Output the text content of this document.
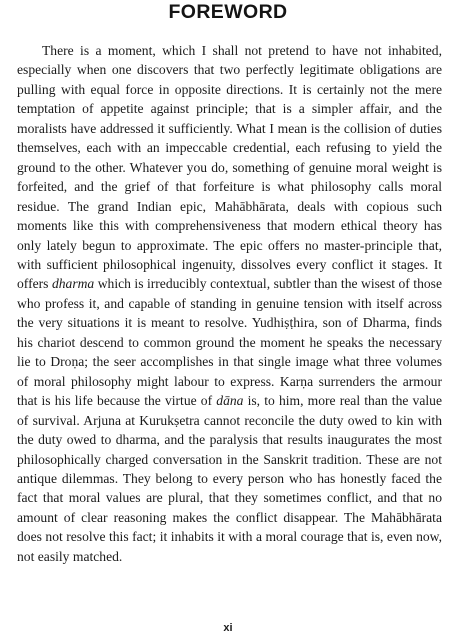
FOREWORD

There is a moment, which I shall not pretend to have not inhabited, especially when one discovers that two perfectly legitimate obligations are pulling with equal force in opposite directions. It is certainly not the mere temptation of appetite against principle; that is a simpler affair, and the moralists have addressed it sufficiently. What I mean is the collision of duties themselves, each with an impeccable credential, each refusing to yield the ground to the other. Whatever you do, something of genuine moral weight is forfeited, and the grief of that forfeiture is what philosophy calls moral residue. The grand Indian epic, Mahābhārata, deals with copious such moments like this with comprehensiveness that modern ethical theory has only lately begun to approximate. The epic offers no master-principle that, with sufficient philosophical ingenuity, dissolves every conflict it stages. It offers dharma which is irreducibly contextual, subtler than the wisest of those who profess it, and capable of standing in genuine tension with itself across the very situations it is meant to resolve. Yudhiṣṭhira, son of Dharma, finds his chariot descend to common ground the moment he speaks the necessary lie to Droṇa; the seer accomplishes in that single image what three volumes of moral philosophy might labour to express. Karṇa surrenders the armour that is his life because the virtue of dāna is, to him, more real than the value of survival. Arjuna at Kurukṣetra cannot reconcile the duty owed to kin with the duty owed to dharma, and the paralysis that results inaugurates the most philosophically charged conversation in the Sanskrit tradition. These are not antique dilemmas. They belong to every person who has honestly faced the fact that moral values are plural, that they sometimes conflict, and that no amount of clear reasoning makes the conflict disappear. The Mahābhārata does not resolve this fact; it inhabits it with a moral courage that is, even now, not easily matched.

xi
